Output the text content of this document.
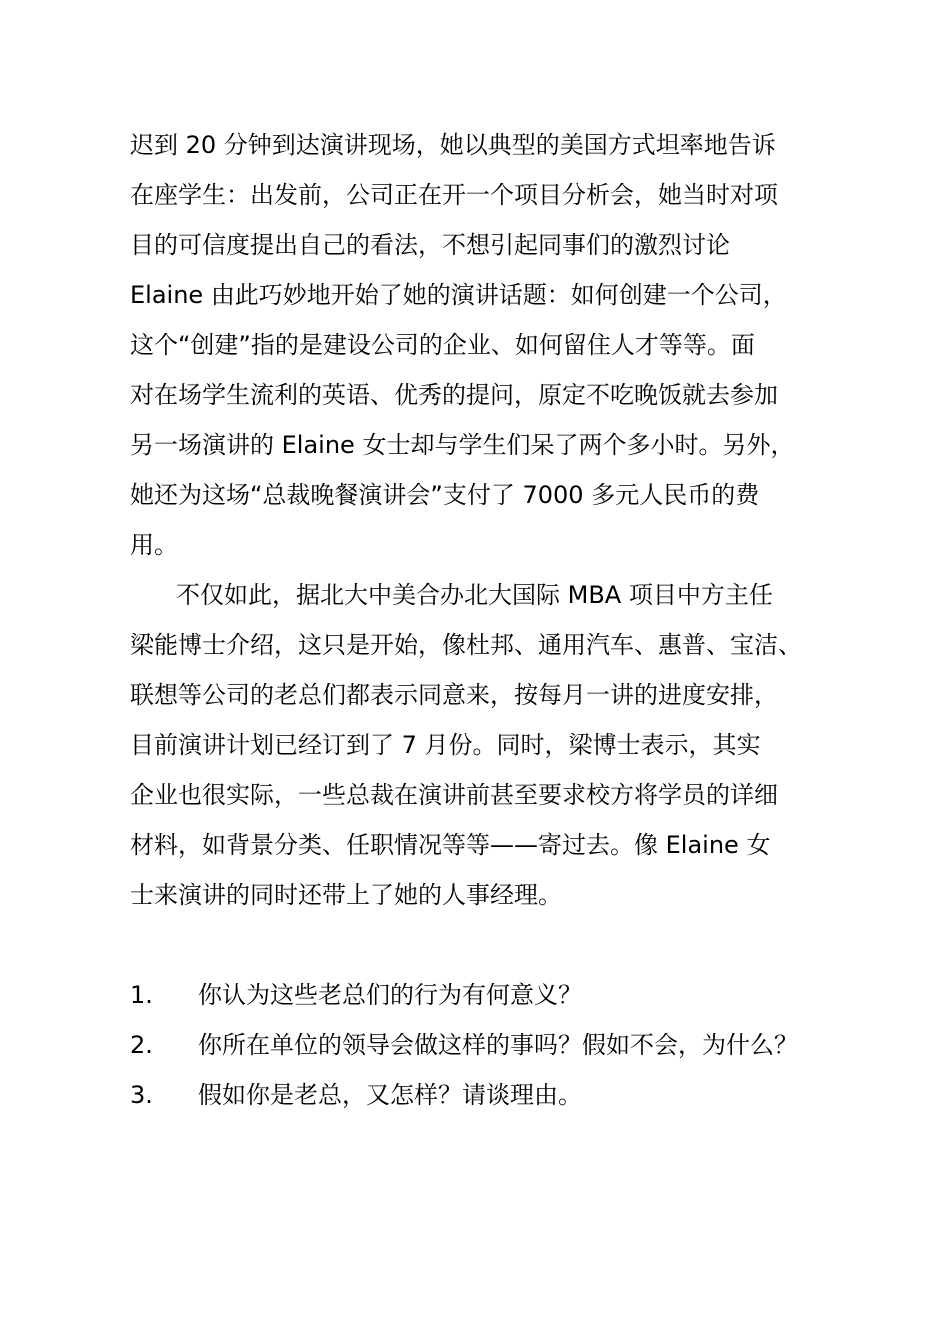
迟到 20 分钟到达演讲现场，她以典型的美国方式坦率地告诉
在座学生：出发前，公司正在开一个项目分析会，她当时对项
目的可信度提出自己的看法，不想引起同事们的激烈讨论
Elaine 由此巧妙地开始了她的演讲话题：如何创建一个公司，
这个“创建”指的是建设公司的企业、如何留住人才等等。面
对在场学生流利的英语、优秀的提问，原定不吃晚饭就去参加
另一场演讲的 Elaine 女士却与学生们呆了两个多小时。另外，
她还为这场“总裁晚餐演讲会”支付了 7000 多元人民币的费
用。
不仅如此，据北大中美合办北大国际 MBA 项目中方主任
梁能博士介绍，这只是开始，像杜邦、通用汽车、惠普、宝洁、
联想等公司的老总们都表示同意来，按每月一讲的进度安排，
目前演讲计划已经订到了 7 月份。同时，梁博士表示，其实
企业也很实际，一些总裁在演讲前甚至要求校方将学员的详细
材料，如背景分类、任职情况等等——寄过去。像 Elaine 女
士来演讲的同时还带上了她的人事经理。
1. 你认为这些老总们的行为有何意义？
2. 你所在单位的领导会做这样的事吗？假如不会，为什么？
3. 假如你是老总，又怎样？请谈理由。
